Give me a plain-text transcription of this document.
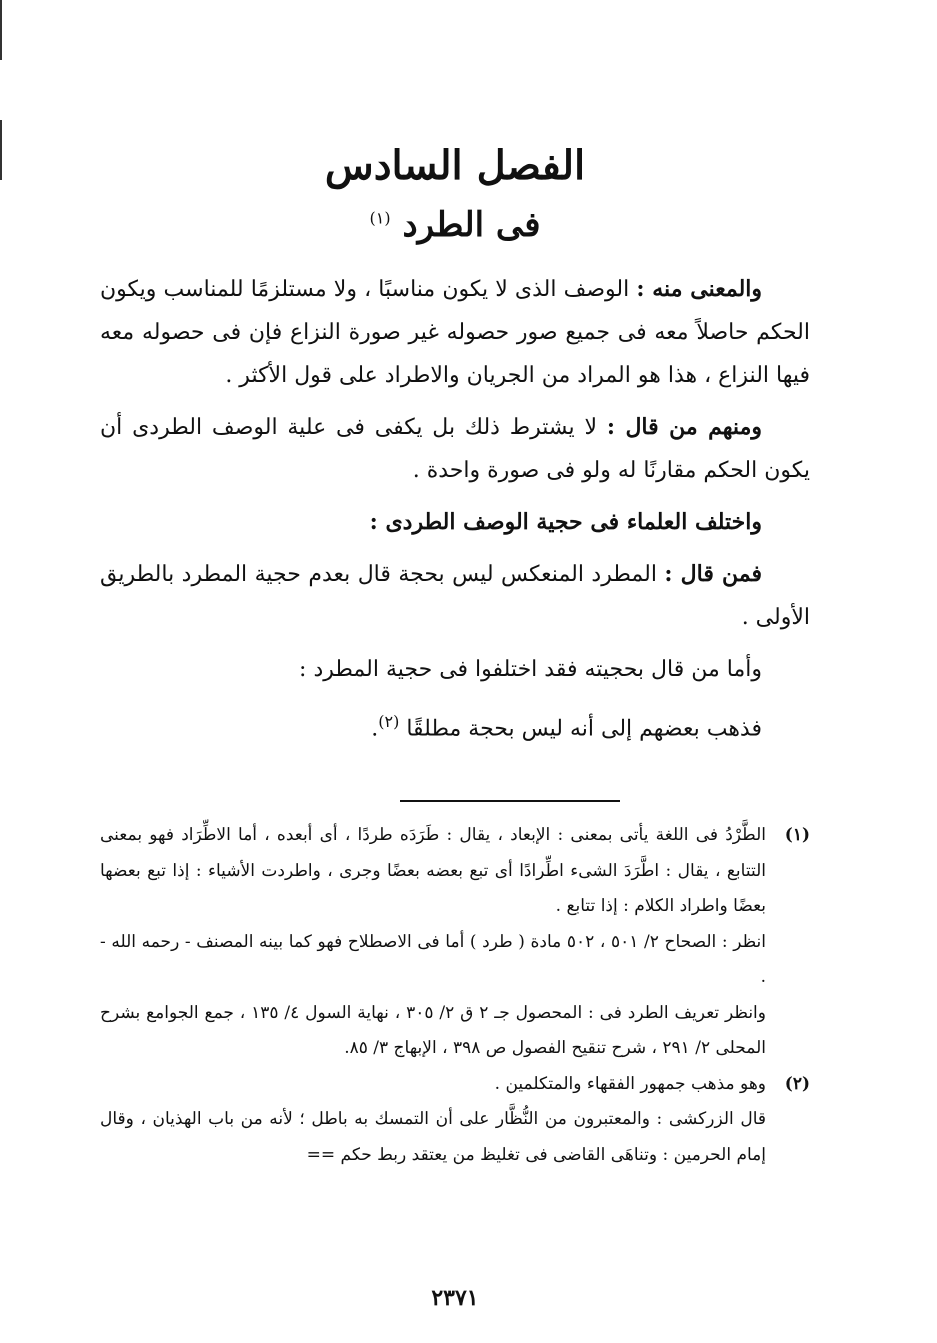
الفصل السادس
فى الطرد $^{(١)}$

والمعنى منه : الوصف الذى لا يكون مناسبًا ، ولا مستلزمًا للمناسب ويكون الحكم حاصلاً معه فى جميع صور حصوله غير صورة النزاع فإن فى حصوله معه فيها النزاع ، هذا هو المراد من الجريان والاطراد على قول الأكثر .

ومنهم من قال : لا يشترط ذلك بل يكفى فى علية الوصف الطردى أن يكون الحكم مقارنًا له ولو فى صورة واحدة .

واختلف العلماء فى حجية الوصف الطردى :

فمن قال : المطرد المنعكس ليس بحجة قال بعدم حجية المطرد بالطريق الأولى .

وأما من قال بحجيته فقد اختلفوا فى حجية المطرد :

فذهب بعضهم إلى أنه ليس بحجة مطلقًا $^{(٢)}$.

(١)

الطَّرْدُ فى اللغة يأتى بمعنى : الإبعاد ، يقال : طَرَدَه طردًا ، أى أبعده ، أما الاطِّرَاد فهو بمعنى التتابع ، يقال : اطَّرَدَ الشىء اطِّرادًا أى تبع بعضه بعضًا وجرى ، واطردت الأشياء : إذا تبع بعضها بعضًا واطراد الكلام : إذا تتابع .

انظر : الصحاح ٢/ ٥٠١ ، ٥٠٢ مادة ( طرد ) أما فى الاصطلاح فهو كما بينه المصنف - رحمه الله - .

وانظر تعريف الطرد فى : المحصول جـ ٢ ق ٢/ ٣٠٥ ، نهاية السول ٤/ ١٣٥ ، جمع الجوامع بشرح المحلى ٢/ ٢٩١ ، شرح تنقيح الفصول ص ٣٩٨ ، الإبهاج ٣/ ٨٥.

(٢)

وهو مذهب جمهور الفقهاء والمتكلمين .

قال الزركشى : والمعتبرون من النُّظَّار على أن التمسك به باطل ؛ لأنه من باب الهذيان ، وقال إمام الحرمين : وتناهَى القاضى فى تغليظ من يعتقد ربط حكم ==

٢٣٧١
